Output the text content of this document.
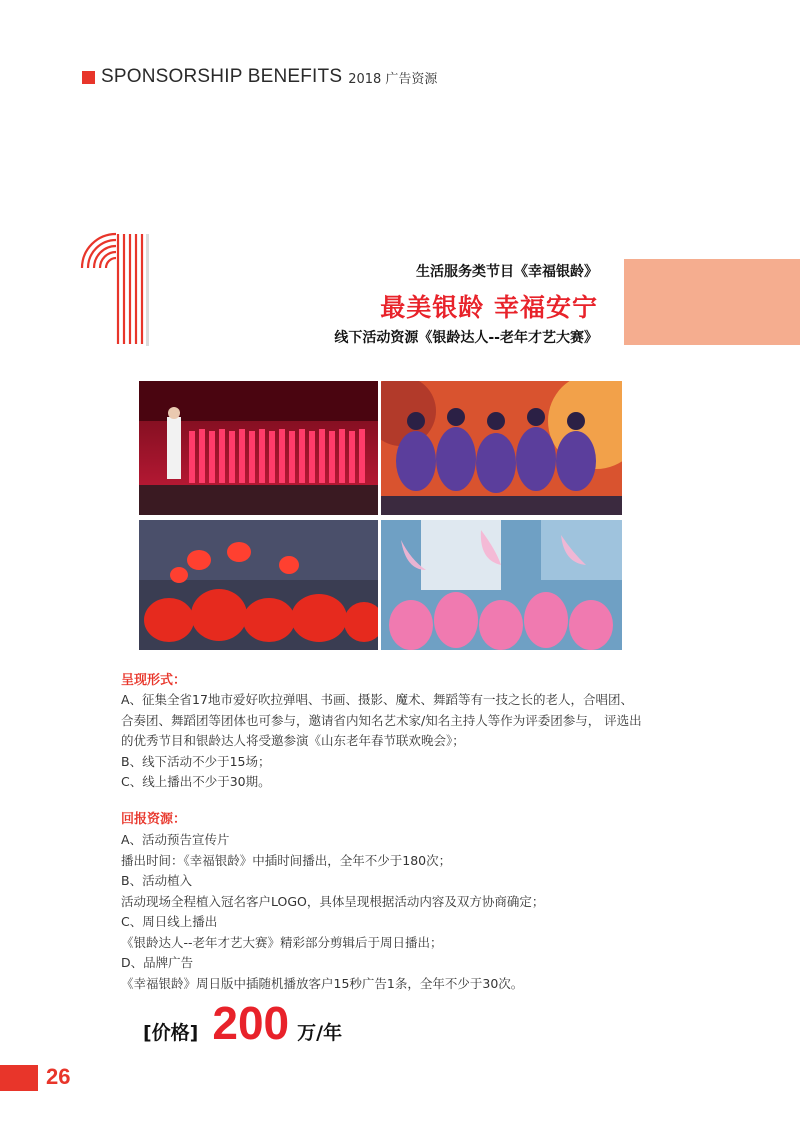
SPONSORSHIP BENEFITS 2018 广告资源
生活服务类节目《幸福银龄》
最美银龄 幸福安宁
线下活动资源《银龄达人--老年才艺大赛》
呈现形式：
A、征集全省17地市爱好吹拉弹唱、书画、摄影、魔术、舞蹈等有一技之长的老人，合唱团、
合奏团、舞蹈团等团体也可参与，邀请省内知名艺术家/知名主持人等作为评委团参与， 评选出
的优秀节目和银龄达人将受邀参演《山东老年春节联欢晚会》；
B、线下活动不少于15场；
C、线上播出不少于30期。
回报资源：
A、活动预告宣传片
播出时间：《幸福银龄》中插时间播出，全年不少于180次；
B、活动植入
活动现场全程植入冠名客户LOGO，具体呈现根据活动内容及双方协商确定；
C、周日线上播出
《银龄达人--老年才艺大赛》精彩部分剪辑后于周日播出；
D、品牌广告
《幸福银龄》周日版中插随机播放客户15秒广告1条，全年不少于30次。
[价格] 200 万/年
26
